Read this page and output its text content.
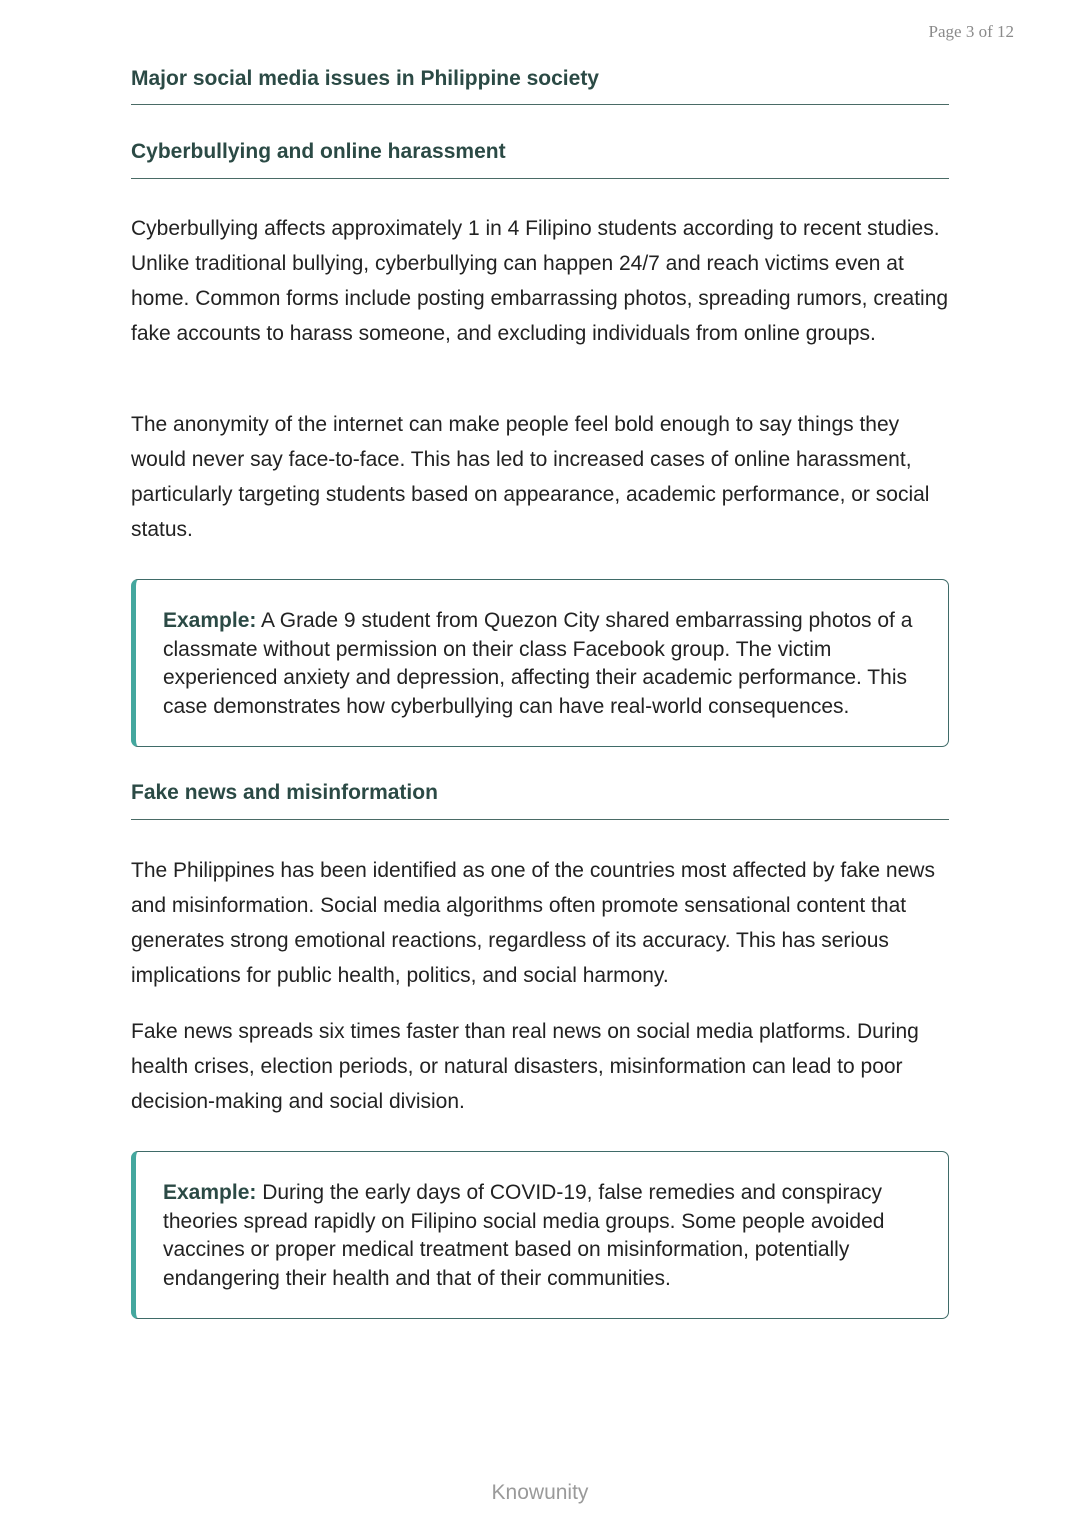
Page 3 of 12
Major social media issues in Philippine society
Cyberbullying and online harassment

Cyberbullying affects approximately 1 in 4 Filipino students according to recent studies. Unlike traditional bullying, cyberbullying can happen 24/7 and reach victims even at home. Common forms include posting embarrassing photos, spreading rumors, creating fake accounts to harass someone, and excluding individuals from online groups.

The anonymity of the internet can make people feel bold enough to say things they would never say face-to-face. This has led to increased cases of online harassment, particularly targeting students based on appearance, academic performance, or social status.

Example: A Grade 9 student from Quezon City shared embarrassing photos of a classmate without permission on their class Facebook group. The victim experienced anxiety and depression, affecting their academic performance. This case demonstrates how cyberbullying can have real-world consequences.
Fake news and misinformation

The Philippines has been identified as one of the countries most affected by fake news and misinformation. Social media algorithms often promote sensational content that generates strong emotional reactions, regardless of its accuracy. This has serious implications for public health, politics, and social harmony.

Fake news spreads six times faster than real news on social media platforms. During health crises, election periods, or natural disasters, misinformation can lead to poor decision-making and social division.

Example: During the early days of COVID-19, false remedies and conspiracy theories spread rapidly on Filipino social media groups. Some people avoided vaccines or proper medical treatment based on misinformation, potentially endangering their health and that of their communities.
Knowunity
